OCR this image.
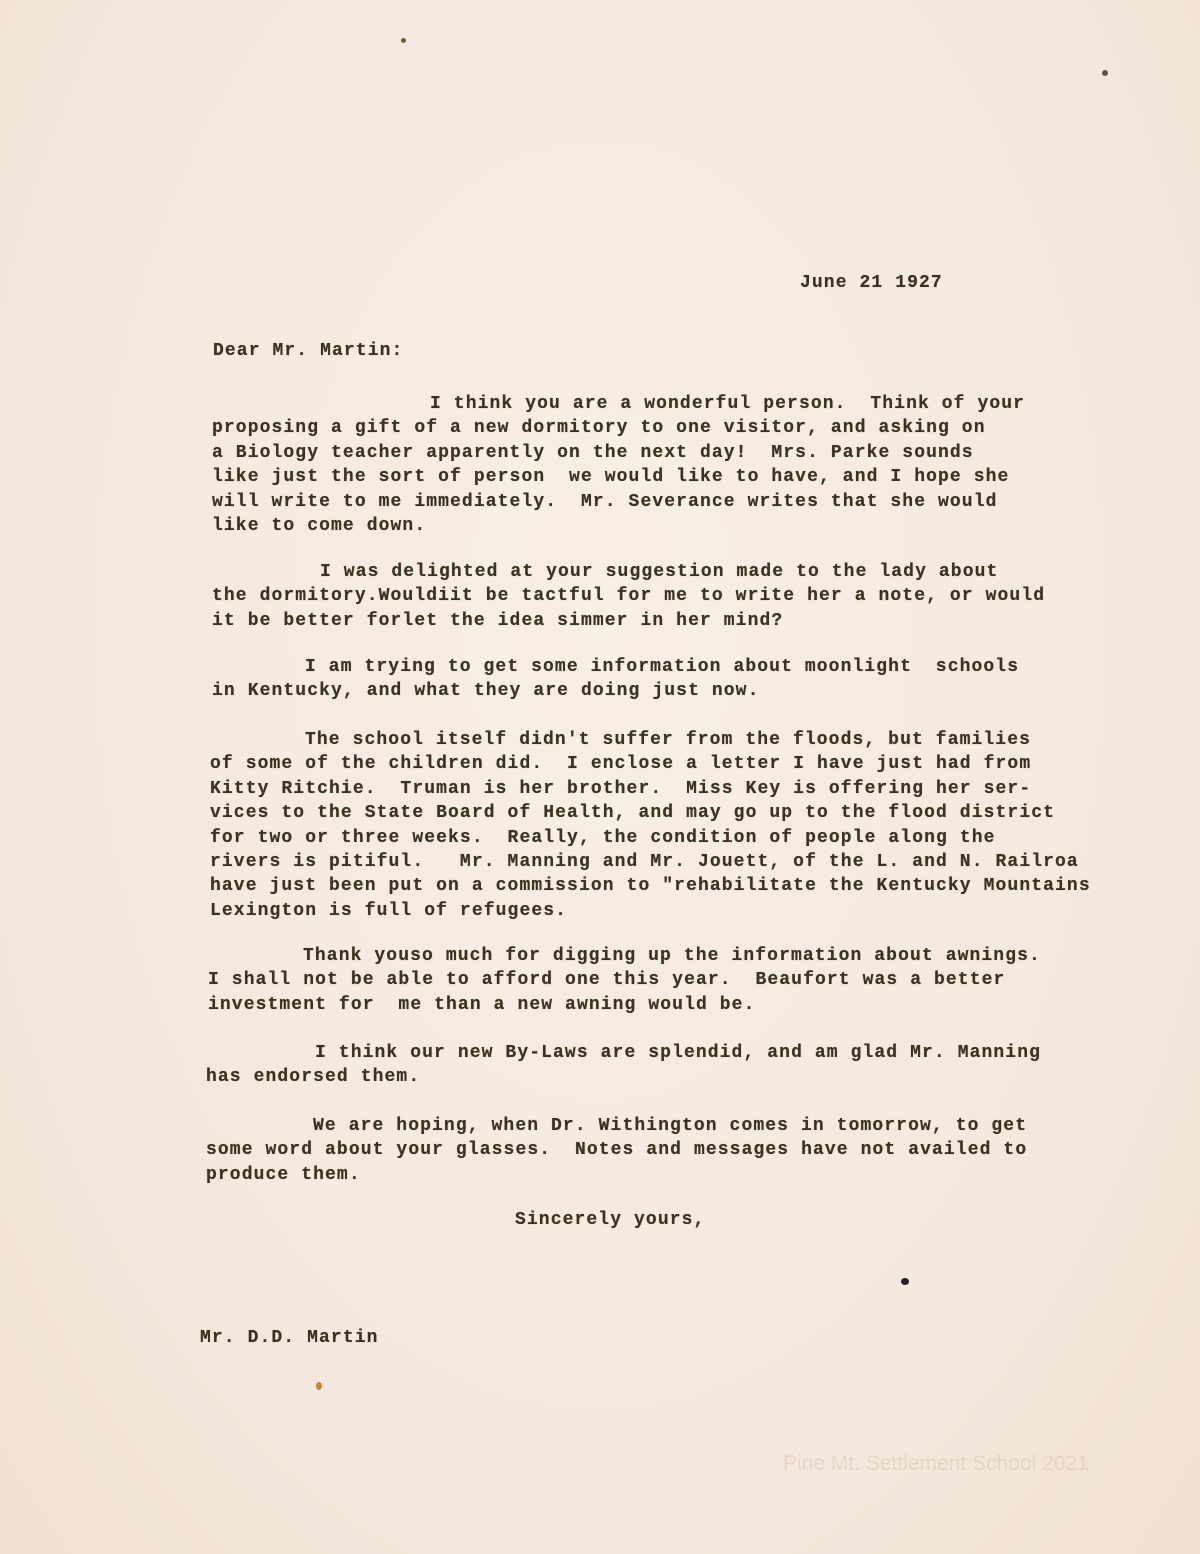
June 21 1927
Dear Mr. Martin:
I think you are a wonderful person.  Think of your
proposing a gift of a new dormitory to one visitor, and asking on
a Biology teacher apparently on the next day!  Mrs. Parke sounds
like just the sort of person  we would like to have, and I hope she
will write to me immediately.  Mr. Severance writes that she would
like to come down.
I was delighted at your suggestion made to the lady about
the dormitory.Wouldiit be tactful for me to write her a note, or would
it be better forlet the idea simmer in her mind?
I am trying to get some information about moonlight  schools
in Kentucky, and what they are doing just now.
The school itself didn't suffer from the floods, but families
of some of the children did.  I enclose a letter I have just had from
Kitty Ritchie.  Truman is her brother.  Miss Key is offering her ser-
vices to the State Board of Health, and may go up to the flood district
for two or three weeks.  Really, the condition of people along the
rivers is pitiful.   Mr. Manning and Mr. Jouett, of the L. and N. Railroa
have just been put on a commission to "rehabilitate the Kentucky Mountains
Lexington is full of refugees.
Thank youso much for digging up the information about awnings.
I shall not be able to afford one this year.  Beaufort was a better
investment for  me than a new awning would be.
I think our new By-Laws are splendid, and am glad Mr. Manning
has endorsed them.
We are hoping, when Dr. Withington comes in tomorrow, to get
some word about your glasses.  Notes and messages have not availed to
produce them.
Sincerely yours,
Mr. D.D. Martin
Pine Mt. Settlement School 2021
